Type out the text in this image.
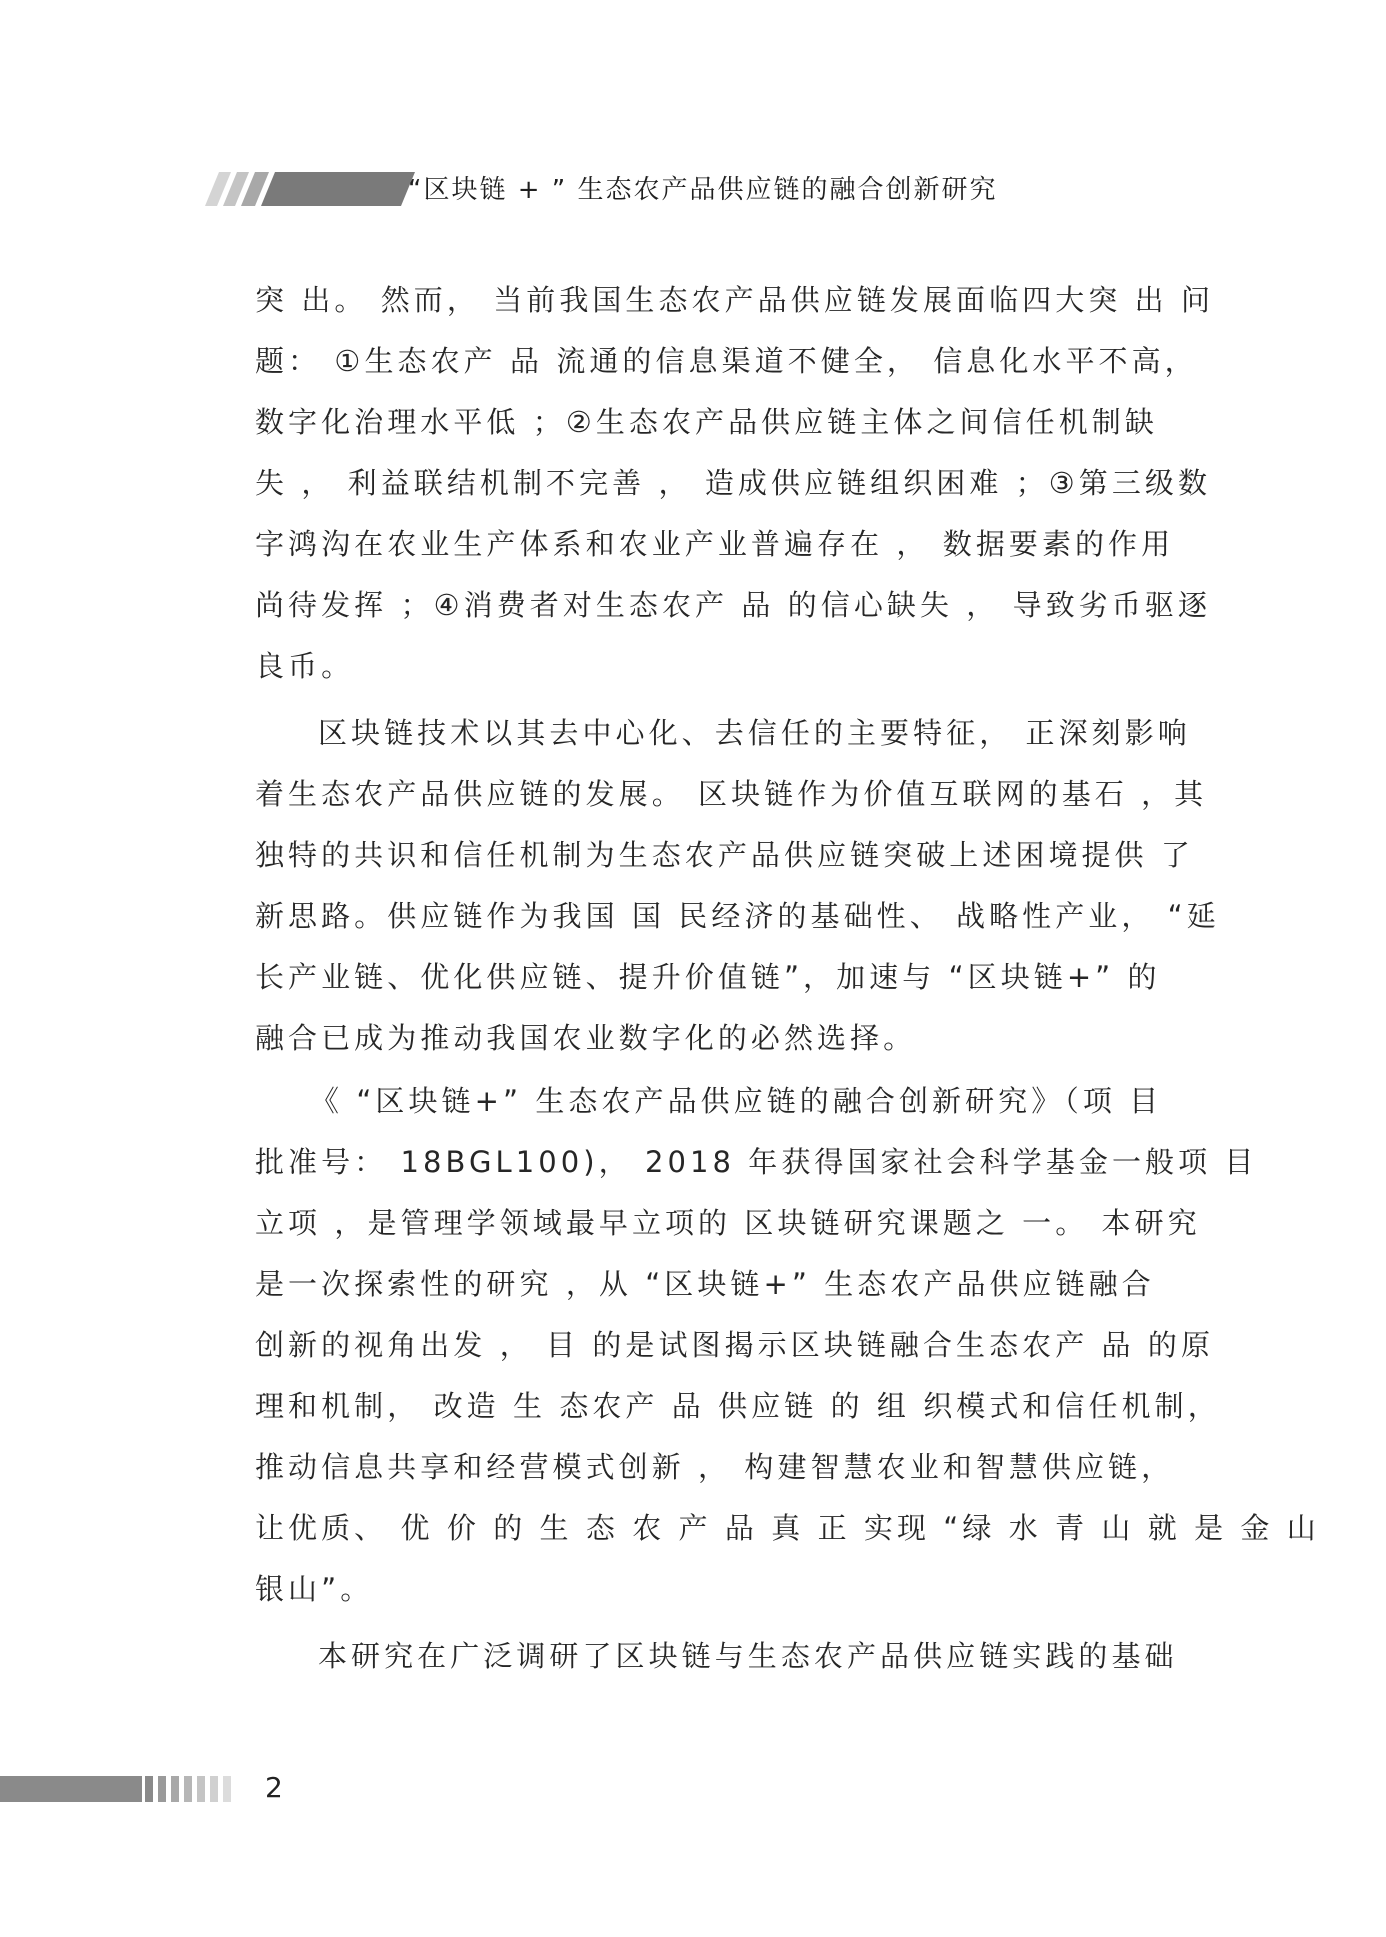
“区块链 + ” 生态农产品供应链的融合创新研究
突 出。 然而， 当前我国生态农产品供应链发展面临四大突 出 问
题： ①生态农产 品 流通的信息渠道不健全， 信息化水平不高，
数字化治理水平低 ；②生态农产品供应链主体之间信任机制缺
失 ， 利益联结机制不完善 ， 造成供应链组织困难 ；③第三级数
字鸿沟在农业生产体系和农业产业普遍存在 ， 数据要素的作用
尚待发挥 ；④消费者对生态农产 品 的信心缺失 ， 导致劣币驱逐
良币。
区块链技术以其去中心化、去信任的主要特征， 正深刻影响
着生态农产品供应链的发展。 区块链作为价值互联网的基石 ，其
独特的共识和信任机制为生态农产品供应链突破上述困境提供 了
新思路。供应链作为我国 国 民经济的基础性、 战略性产业， “延
长产业链、优化供应链、提升价值链”，加速与 “区块链+” 的
融合已成为推动我国农业数字化的必然选择。
《 “区块链+” 生态农产品供应链的融合创新研究》（项 目
批准号： 18BGL100)， 2018 年获得国家社会科学基金一般项 目
立项 ，是管理学领域最早立项的 区块链研究课题之 一。 本研究
是一次探索性的研究 ，从 “区块链+” 生态农产品供应链融合
创新的视角出发 ， 目 的是试图揭示区块链融合生态农产 品 的原
理和机制， 改造 生 态农产 品 供应链 的 组 织模式和信任机制，
推动信息共享和经营模式创新 ， 构建智慧农业和智慧供应链，
让优质、 优 价 的 生 态 农 产 品 真 正 实现 “绿 水 青 山 就 是 金 山
银山”。
本研究在广泛调研了区块链与生态农产品供应链实践的基础
2
